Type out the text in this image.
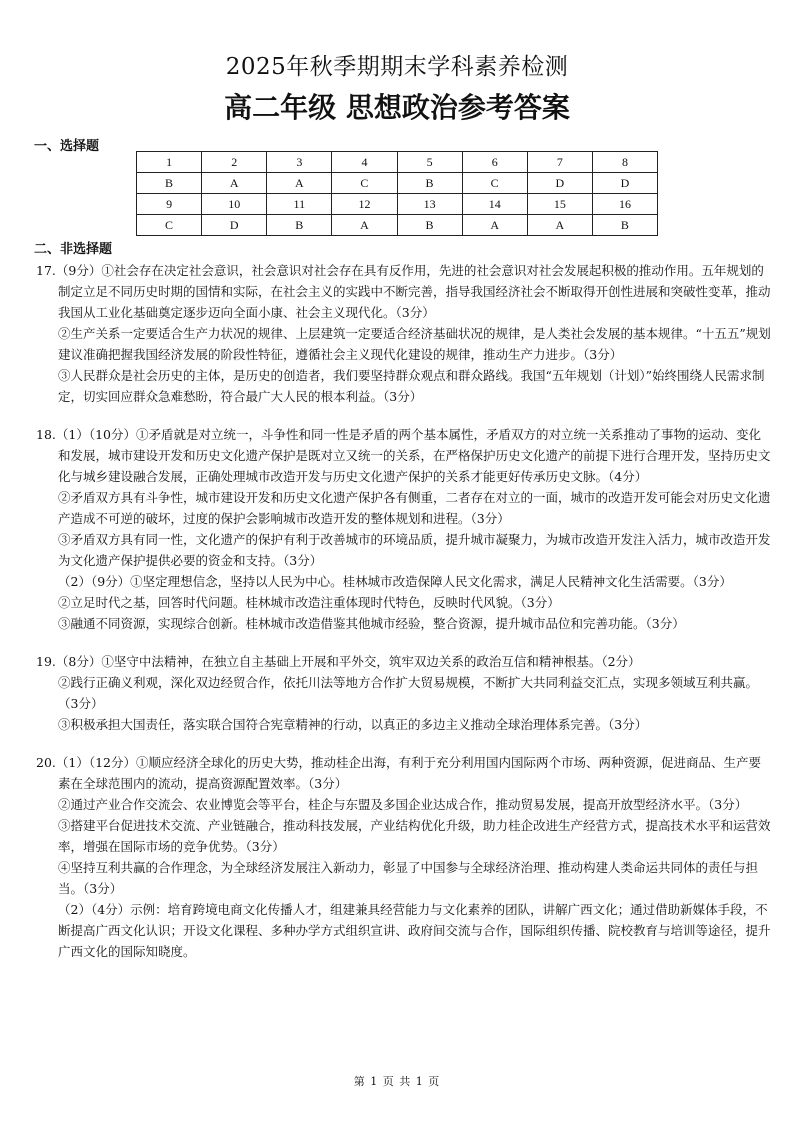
2025年秋季期期末学科素养检测
高二年级 思想政治参考答案
一、选择题
1	2	3	4	5	6	7	8
B	A	A	C	B	C	D	D
9	10	11	12	13	14	15	16
C	D	B	A	B	A	A	B
二、非选择题

17.（9分）①社会存在决定社会意识，社会意识对社会存在具有反作用，先进的社会意识对社会发展起积极的推动作用。五年规划的制定立足不同历史时期的国情和实际，在社会主义的实践中不断完善，指导我国经济社会不断取得开创性进展和突破性变革，推动我国从工业化基础奠定逐步迈向全面小康、社会主义现代化。（3分）

②生产关系一定要适合生产力状况的规律、上层建筑一定要适合经济基础状况的规律，是人类社会发展的基本规律。“十五五”规划建议准确把握我国经济发展的阶段性特征，遵循社会主义现代化建设的规律，推动生产力进步。（3分）

③人民群众是社会历史的主体，是历史的创造者，我们要坚持群众观点和群众路线。我国“五年规划（计划）”始终围绕人民需求制定，切实回应群众急难愁盼，符合最广大人民的根本利益。（3分）

18.（1）（10分）①矛盾就是对立统一，斗争性和同一性是矛盾的两个基本属性，矛盾双方的对立统一关系推动了事物的运动、变化和发展，城市建设开发和历史文化遗产保护是既对立又统一的关系，在严格保护历史文化遗产的前提下进行合理开发，坚持历史文化与城乡建设融合发展，正确处理城市改造开发与历史文化遗产保护的关系才能更好传承历史文脉。（4分）

②矛盾双方具有斗争性，城市建设开发和历史文化遗产保护各有侧重，二者存在对立的一面，城市的改造开发可能会对历史文化遗产造成不可逆的破坏，过度的保护会影响城市改造开发的整体规划和进程。（3分）

③矛盾双方具有同一性，文化遗产的保护有利于改善城市的环境品质，提升城市凝聚力，为城市改造开发注入活力，城市改造开发为文化遗产保护提供必要的资金和支持。（3分）

（2）（9分）①坚定理想信念，坚持以人民为中心。桂林城市改造保障人民文化需求，满足人民精神文化生活需要。（3分）

②立足时代之基，回答时代问题。桂林城市改造注重体现时代特色，反映时代风貌。（3分）

③融通不同资源，实现综合创新。桂林城市改造借鉴其他城市经验，整合资源，提升城市品位和完善功能。（3分）

19.（8分）①坚守中法精神，在独立自主基础上开展和平外交，筑牢双边关系的政治互信和精神根基。（2分）

②践行正确义利观，深化双边经贸合作，依托川法等地方合作扩大贸易规模，不断扩大共同利益交汇点，实现多领域互利共赢。（3分）

③积极承担大国责任，落实联合国符合宪章精神的行动，以真正的多边主义推动全球治理体系完善。（3分）

20.（1）（12分）①顺应经济全球化的历史大势，推动桂企出海，有利于充分利用国内国际两个市场、两种资源，促进商品、生产要素在全球范围内的流动，提高资源配置效率。（3分）

②通过产业合作交流会、农业博览会等平台，桂企与东盟及多国企业达成合作，推动贸易发展，提高开放型经济水平。（3分）

③搭建平台促进技术交流、产业链融合，推动科技发展，产业结构优化升级，助力桂企改进生产经营方式，提高技术水平和运营效率，增强在国际市场的竞争优势。（3分）

④坚持互利共赢的合作理念，为全球经济发展注入新动力，彰显了中国参与全球经济治理、推动构建人类命运共同体的责任与担当。（3分）

（2）（4分）示例：培育跨境电商文化传播人才，组建兼具经营能力与文化素养的团队，讲解广西文化；通过借助新媒体手段，不断提高广西文化认识；开设文化课程、多种办学方式组织宣讲、政府间交流与合作，国际组织传播、院校教育与培训等途径，提升广西文化的国际知晓度。

第 1 页 共 1 页
